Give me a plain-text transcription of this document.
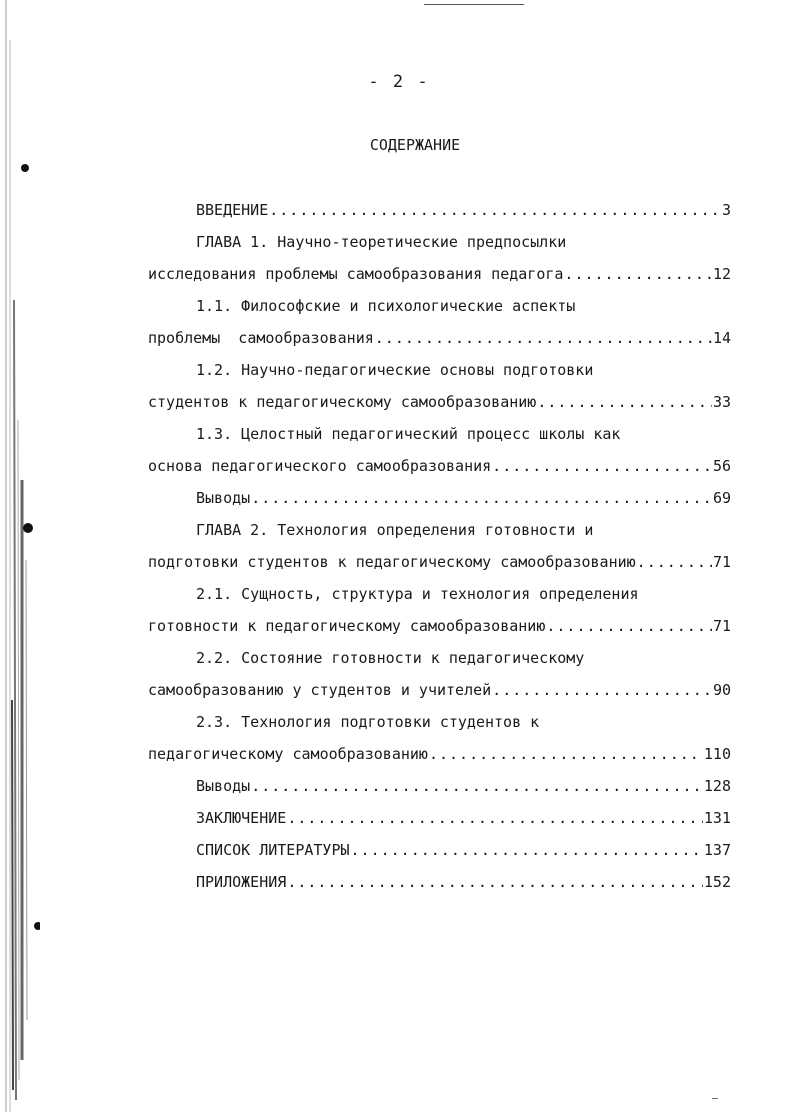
- 2 -
СОДЕРЖАНИЕ
ВВЕДЕНИЕ .....	3
ГЛАВА 1. Научно-теоретические предпосылки
исследования проблемы самообразования педагога .....	12
1.1. Философские и психологические аспекты
проблемы  самообразования .....	14
1.2. Научно-педагогические основы подготовки
студентов к педагогическому самообразованию .....	33
1.3. Целостный педагогический процесс школы как
основа педагогического самообразования .....	56
Выводы .....	69
ГЛАВА 2. Технология определения готовности и
подготовки студентов к педагогическому самообразованию .....	71
2.1. Сущность, структура и технология определения
готовности к педагогическому самообразованию .....	71
2.2. Состояние готовности к педагогическому
самообразованию у студентов и учителей .....	90
2.3. Технология подготовки студентов к
педагогическому самообразованию .....	110
Выводы .....	128
ЗАКЛЮЧЕНИЕ .....	131
СПИСОК ЛИТЕРАТУРЫ .....	137
ПРИЛОЖЕНИЯ .....	152
